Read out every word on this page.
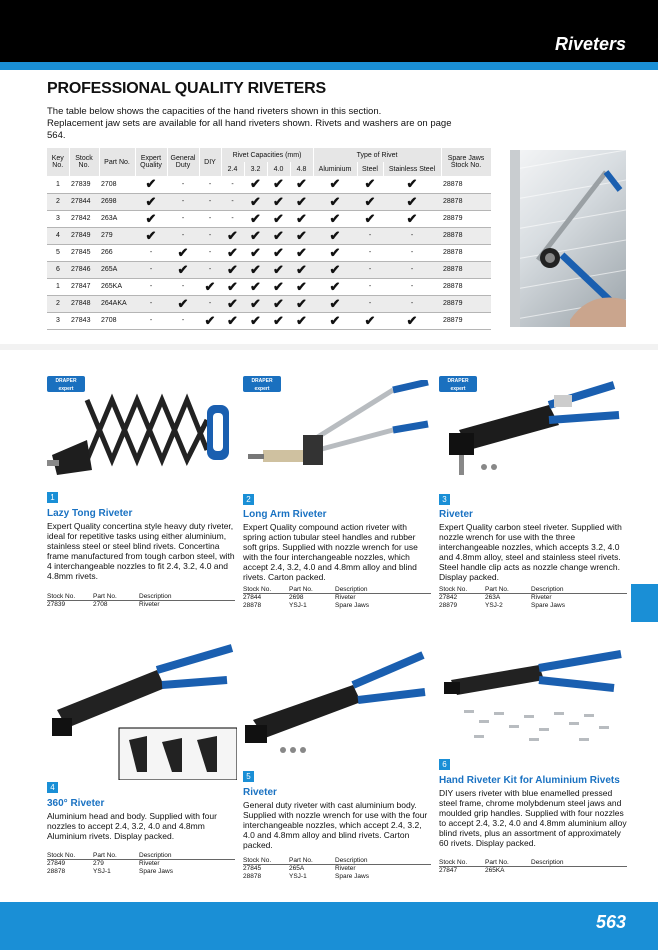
Riveters
PROFESSIONAL QUALITY RIVETERS
The table below shows the capacities of the hand riveters shown in this section.
Replacement jaw sets are available for all hand riveters shown. Rivets and washers are on page 564.
Key No.	Stock No.	Part No.	Expert Quality	General Duty	DIY	Rivet Capacities (mm)				Type of Rivet			Spare Jaws Stock No.
						2.4	3.2	4.0	4.8	Aluminium	Steel	Stainless Steel	
1	27839	2708	✔	-	-	-	✔	✔	✔	✔	✔	✔	28878
2	27844	2698	✔	-	-	-	✔	✔	✔	✔	✔	✔	28878
3	27842	263A	✔	-	-	-	✔	✔	✔	✔	✔	✔	28879
4	27849	279	✔	-	-	✔	✔	✔	✔	✔	-	-	28878
5	27845	266	-	✔	-	✔	✔	✔	✔	✔	-	-	28878
6	27846	265A	-	✔	-	✔	✔	✔	✔	✔	-	-	28878
1	27847	265KA	-	-	✔	✔	✔	✔	✔	✔	-	-	28878
2	27848	264AKA	-	✔	-	✔	✔	✔	✔	✔	-	-	28879
3	27843	2708	-	-	✔	✔	✔	✔	✔	✔	✔	✔	28879
DRAPER
expert
1
Lazy Tong Riveter
Expert Quality concertina style heavy duty riveter, ideal for repetitive tasks using either aluminium, stainless steel or steel blind rivets. Concertina frame manufactured from tough carbon steel, with 4 interchangeable nozzles to fit 2.4, 3.2, 4.0 and 4.8mm rivets.
Stock No.	Part No.	Description
27839	2708	Riveter
DRAPER
expert
2
Long Arm Riveter
Expert Quality compound action riveter with spring action tubular steel handles and rubber soft grips. Supplied with nozzle wrench for use with the four interchangeable nozzles, which accept 2.4, 3.2, 4.0 and 4.8mm alloy and blind rivets. Carton packed.
Stock No.	Part No.	Description
27844	2698	Riveter
28878	YSJ-1	Spare Jaws
DRAPER
expert
3
Riveter
Expert Quality carbon steel riveter. Supplied with nozzle wrench for use with the three interchangeable nozzles, which accepts 3.2, 4.0 and 4.8mm alloy, steel and stainless steel rivets. Steel handle clip acts as nozzle change wrench. Display packed.
Stock No.	Part No.	Description
27842	263A	Riveter
28879	YSJ-2	Spare Jaws
4
360° Riveter
Aluminium head and body. Supplied with four nozzles to accept 2.4, 3.2, 4.0 and 4.8mm Aluminium rivets. Display packed.
Stock No.	Part No.	Description
27849	279	Riveter
28878	YSJ-1	Spare Jaws
5
Riveter
General duty riveter with cast aluminium body. Supplied with nozzle wrench for use with the four interchangeable nozzles, which accept 2.4, 3.2, 4.0 and 4.8mm alloy and blind rivets. Carton packed.
Stock No.	Part No.	Description
27845	265A	Riveter
28878	YSJ-1	Spare Jaws
6
Hand Riveter Kit for Aluminium Rivets
DIY users riveter with blue enamelled pressed steel frame, chrome molybdenum steel jaws and moulded grip handles. Supplied with four nozzles to accept 2.4, 3.2, 4.0 and 4.8mm aluminium alloy blind rivets, plus an assortment of approximately 60 rivets. Display packed.
Stock No.	Part No.	Description
27847	265KA	
563
